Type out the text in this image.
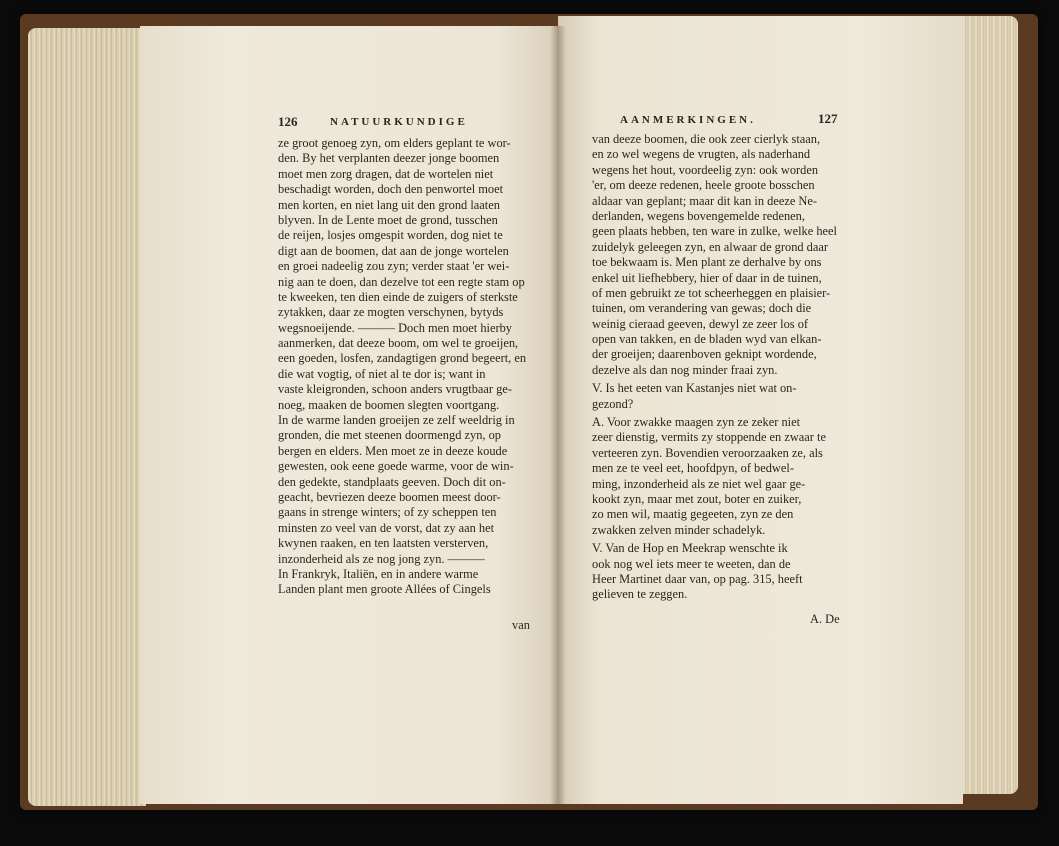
126	NATUURKUNDIGE
ze groot genoeg zyn, om elders geplant te wor-
den. By het verplanten deezer jonge boomen
moet men zorg dragen, dat de wortelen niet
beschadigt worden, doch den penwortel moet
men korten, en niet lang uit den grond laaten
blyven. In de Lente moet de grond, tusschen
de reijen, losjes omgespit worden, dog niet te
digt aan de boomen, dat aan de jonge wortelen
en groei nadeelig zou zyn; verder staat 'er wei-
nig aan te doen, dan dezelve tot een regte stam op
te kweeken, ten dien einde de zuigers of sterkste
zytakken, daar ze mogten verschynen, bytyds
wegsnoeijende. ——— Doch men moet hierby
aanmerken, dat deeze boom, om wel te groeijen,
een goeden, losfen, zandagtigen grond begeert, en
die wat vogtig, of niet al te dor is; want in
vaste kleigronden, schoon anders vrugtbaar ge-
noeg, maaken de boomen slegten voortgang.
In de warme landen groeijen ze zelf weeldrig in
gronden, die met steenen doormengd zyn, op
bergen en elders. Men moet ze in deeze koude
gewesten, ook eene goede warme, voor de win-
den gedekte, standplaats geeven. Doch dit on-
geacht, bevriezen deeze boomen meest door-
gaans in strenge winters; of zy scheppen ten
minsten zo veel van de vorst, dat zy aan het
kwynen raaken, en ten laatsten versterven,
inzonderheid als ze nog jong zyn. ———
In Frankryk, Italiën, en in andere warme
Landen plant men groote Allées of Cingels
van
AANMERKINGEN.	127
van deeze boomen, die ook zeer cierlyk staan,
en zo wel wegens de vrugten, als naderhand
wegens het hout, voordeelig zyn: ook worden
'er, om deeze redenen, heele groote bosschen
aldaar van geplant; maar dit kan in deeze Ne-
derlanden, wegens bovengemelde redenen,
geen plaats hebben, ten ware in zulke, welke heel
zuidelyk geleegen zyn, en alwaar de grond daar
toe bekwaam is. Men plant ze derhalve by ons
enkel uit liefhebbery, hier of daar in de tuinen,
of men gebruikt ze tot scheerheggen en plaisier-
tuinen, om verandering van gewas; doch die
weinig cieraad geeven, dewyl ze zeer los of
open van takken, en de bladen wyd van elkan-
der groeijen; daarenboven geknipt wordende,
dezelve als dan nog minder fraai zyn.
V. Is het eeten van Kastanjes niet wat on-
gezond?
A. Voor zwakke maagen zyn ze zeker niet
zeer dienstig, vermits zy stoppende en zwaar te
verteeren zyn. Bovendien veroorzaaken ze, als
men ze te veel eet, hoofdpyn, of bedwel-
ming, inzonderheid als ze niet wel gaar ge-
kookt zyn, maar met zout, boter en zuiker,
zo men wil, maatig gegeeten, zyn ze den
zwakken zelven minder schadelyk.
V. Van de Hop en Meekrap wenschte ik
ook nog wel iets meer te weeten, dan de
Heer Martinet daar van, op pag. 315, heeft
gelieven te zeggen.
A. De
